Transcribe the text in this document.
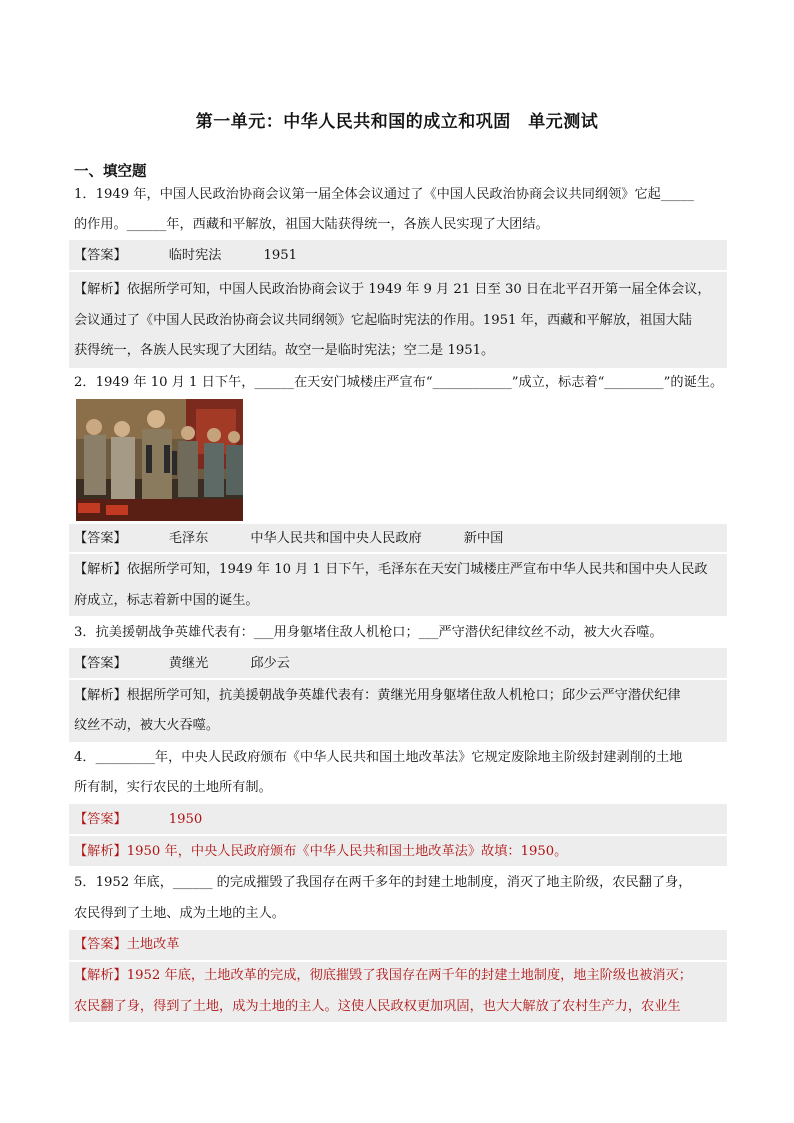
第一单元：中华人民共和国的成立和巩固　单元测试
一、填空题
1．1949 年，中国人民政治协商会议第一届全体会议通过了《中国人民政治协商会议共同纲领》它起_____
的作用。______年，西藏和平解放，祖国大陆获得统一，各族人民实现了大团结。
【答案】	临时宪法	1951
【解析】依据所学可知，中国人民政治协商会议于 1949 年 9 月 21 日至 30 日在北平召开第一届全体会议，
会议通过了《中国人民政治协商会议共同纲领》它起临时宪法的作用。1951 年，西藏和平解放，祖国大陆
获得统一，各族人民实现了大团结。故空一是临时宪法；空二是 1951。
2．1949 年 10 月 1 日下午，______在天安门城楼庄严宣布“____________”成立，标志着“_________”的诞生。
【答案】	毛泽东	中华人民共和国中央人民政府	新中国
【解析】依据所学可知，1949 年 10 月 1 日下午，毛泽东在天安门城楼庄严宣布中华人民共和国中央人民政
府成立，标志着新中国的诞生。
3．抗美援朝战争英雄代表有：___用身躯堵住敌人机枪口；___严守潜伏纪律纹丝不动，被大火吞噬。
【答案】	黄继光	邱少云
【解析】根据所学可知，抗美援朝战争英雄代表有：黄继光用身躯堵住敌人机枪口；邱少云严守潜伏纪律
纹丝不动，被大火吞噬。
4．_________年，中央人民政府颁布《中华人民共和国土地改革法》它规定废除地主阶级封建剥削的土地
所有制，实行农民的土地所有制。
【答案】	1950
【解析】1950 年，中央人民政府颁布《中华人民共和国土地改革法》故填：1950。
5．1952 年底，______ 的完成摧毁了我国存在两千多年的封建土地制度，消灭了地主阶级，农民翻了身，
农民得到了土地、成为土地的主人。
【答案】土地改革
【解析】1952 年底，土地改革的完成，彻底摧毁了我国存在两千年的封建土地制度，地主阶级也被消灭；
农民翻了身，得到了土地，成为土地的主人。这使人民政权更加巩固，也大大解放了农村生产力，农业生
